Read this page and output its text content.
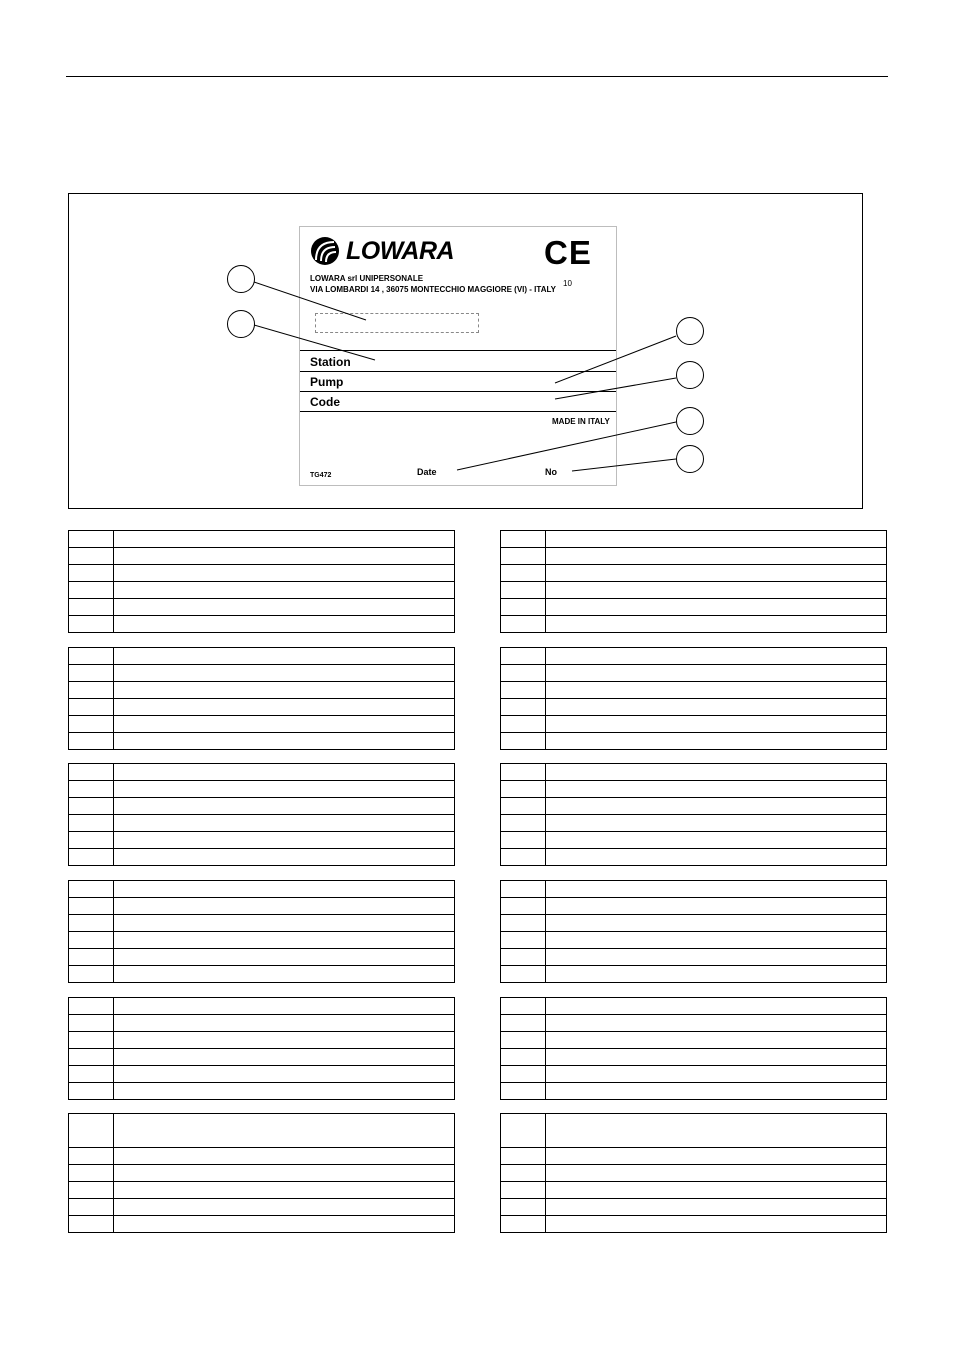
LOWARA	CE
10
LOWARA srl UNIPERSONALE
VIA LOMBARDI 14 , 36075 MONTECCHIO MAGGIORE (VI) - ITALY
Station
Pump
Code
MADE IN ITALY
TG472	Date	No
